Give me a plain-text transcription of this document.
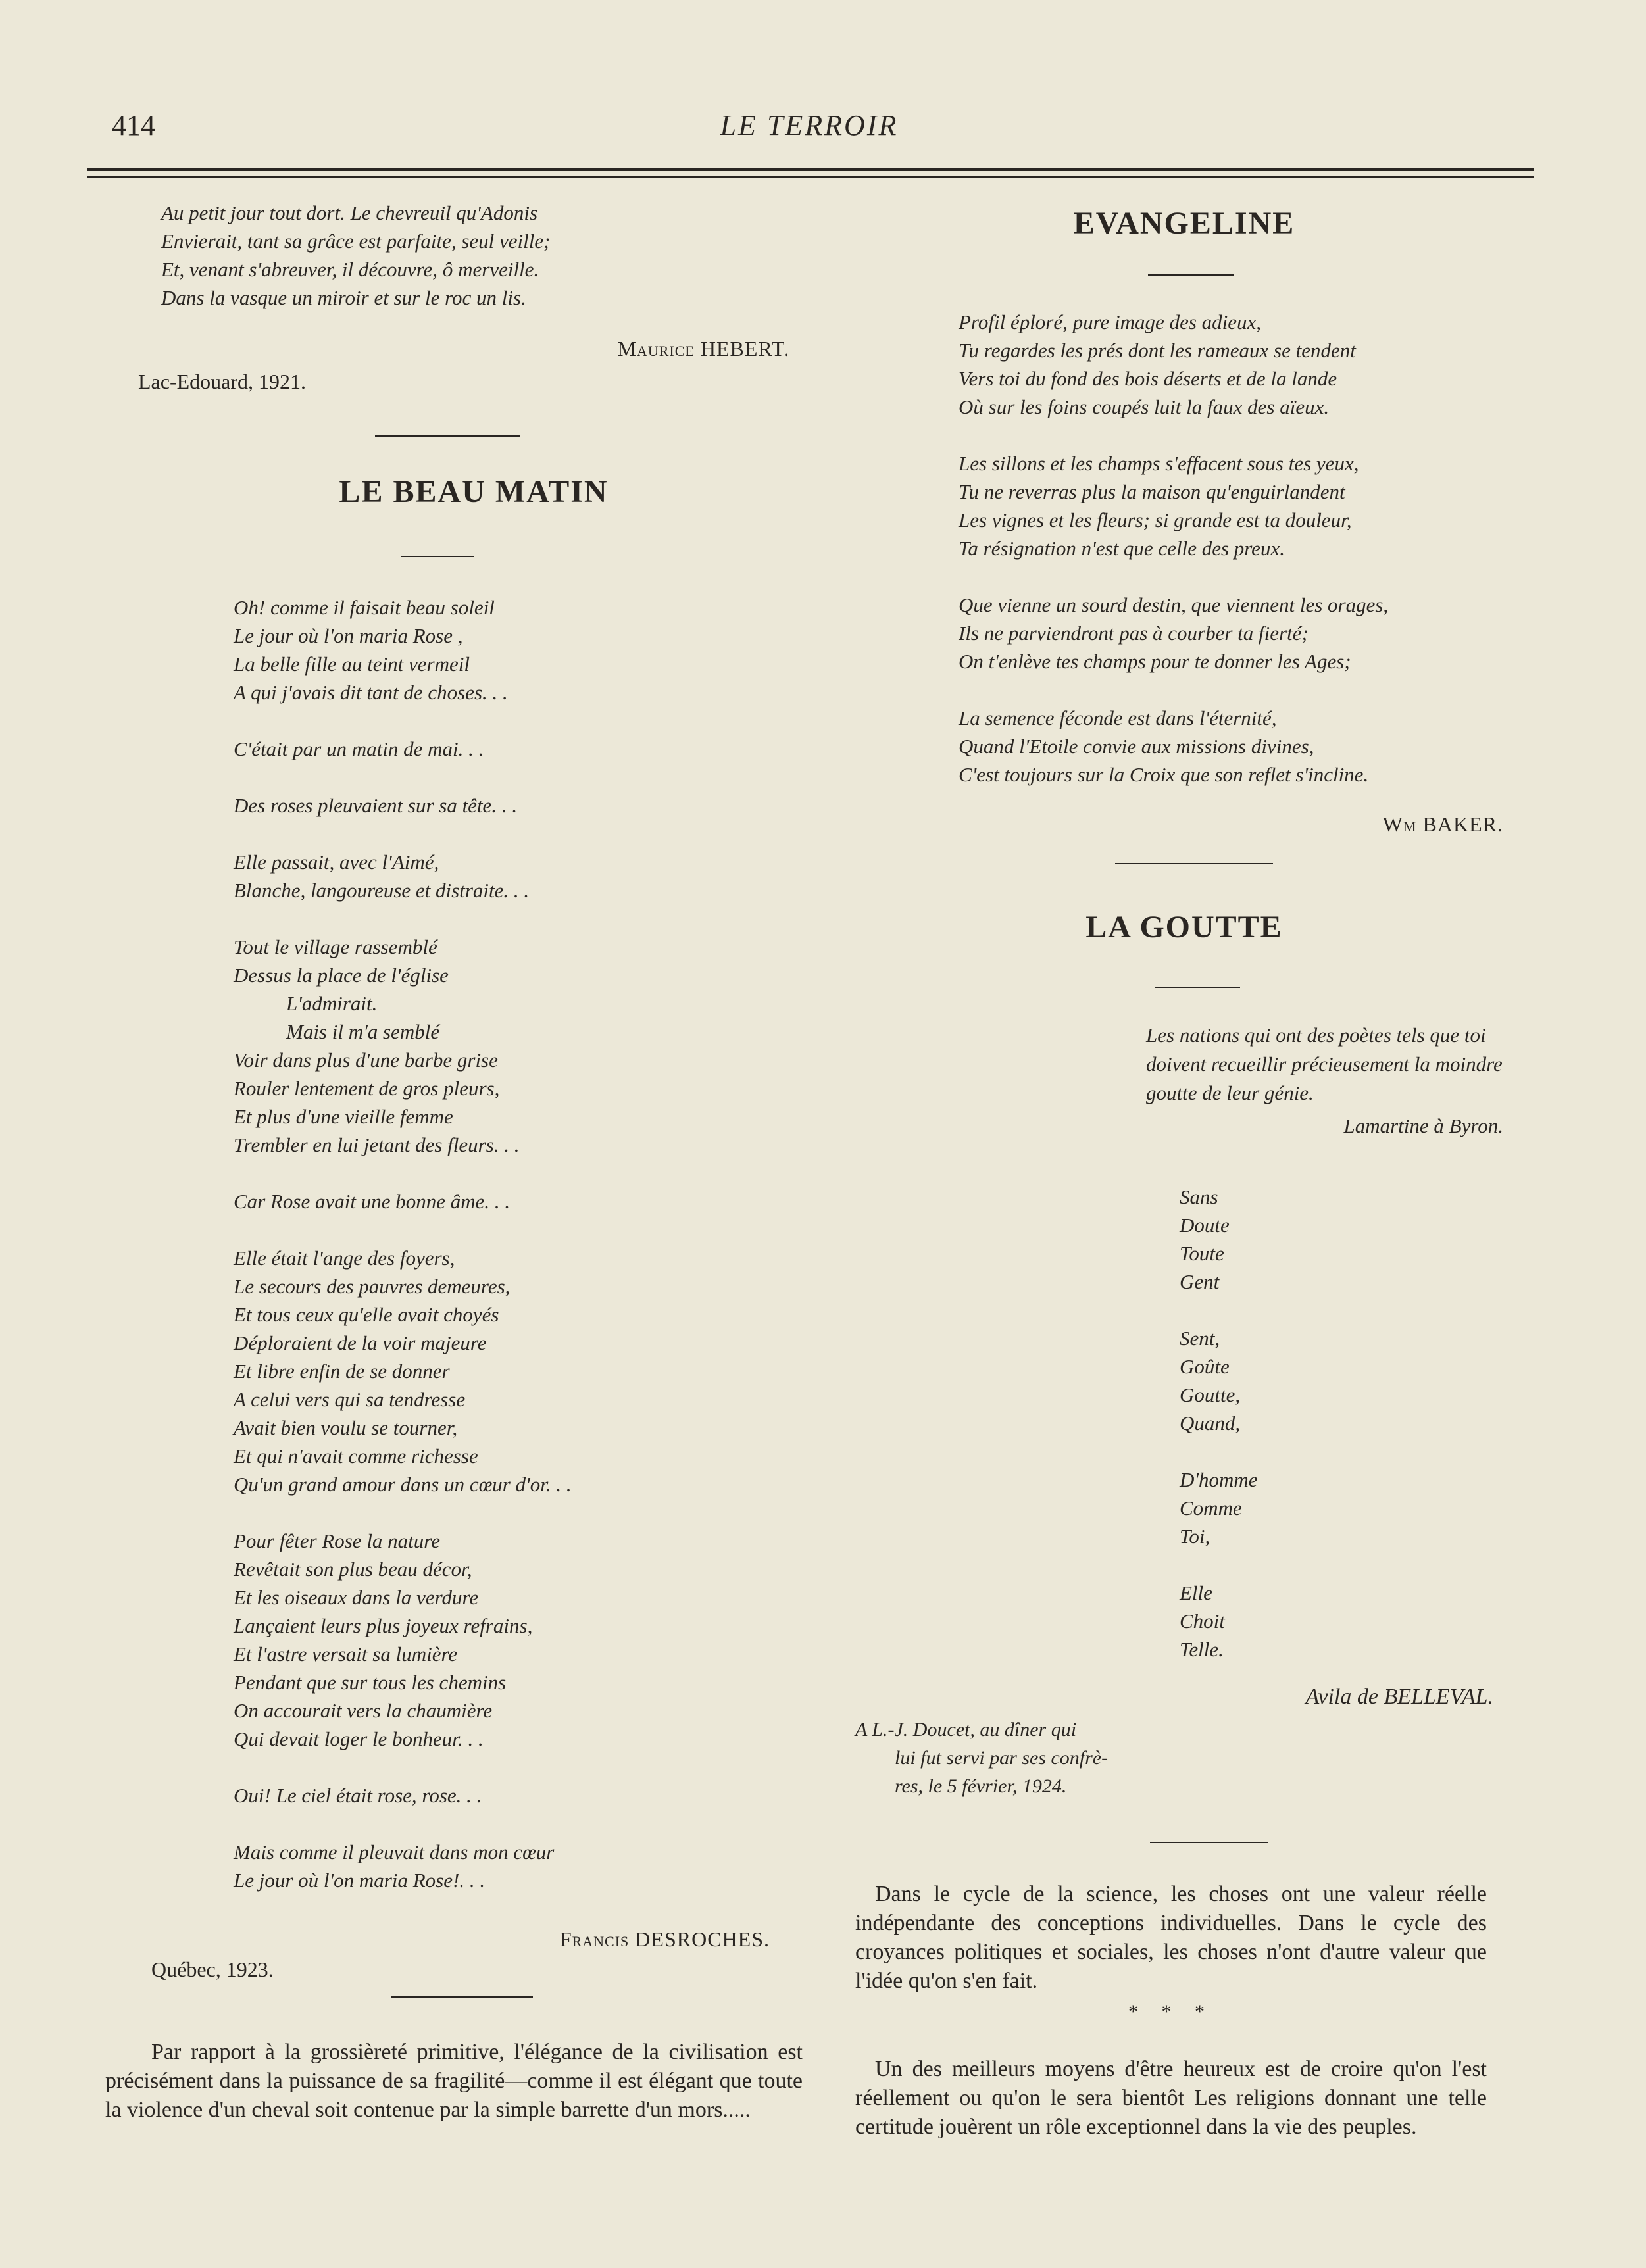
414	LE TERROIR
Au petit jour tout dort. Le chevreuil qu'Adonis
Envierait, tant sa grâce est parfaite, seul veille;
Et, venant s'abreuver, il découvre, ô merveille.
Dans la vasque un miroir et sur le roc un lis.
Maurice HEBERT.
Lac-Edouard, 1921.
LE BEAU MATIN
Oh! comme il faisait beau soleil
Le jour où l'on maria Rose ,
La belle fille au teint vermeil
A qui j'avais dit tant de choses. . .
C'était par un matin de mai. . .
Des roses pleuvaient sur sa tête. . .
Elle passait, avec l'Aimé,
Blanche, langoureuse et distraite. . .
Tout le village rassemblé
Dessus la place de l'église
L'admirait.
Mais il m'a semblé
Voir dans plus d'une barbe grise
Rouler lentement de gros pleurs,
Et plus d'une vieille femme
Trembler en lui jetant des fleurs. . .
Car Rose avait une bonne âme. . .
Elle était l'ange des foyers,
Le secours des pauvres demeures,
Et tous ceux qu'elle avait choyés
Déploraient de la voir majeure
Et libre enfin de se donner
A celui vers qui sa tendresse
Avait bien voulu se tourner,
Et qui n'avait comme richesse
Qu'un grand amour dans un cœur d'or. . .
Pour fêter Rose la nature
Revêtait son plus beau décor,
Et les oiseaux dans la verdure
Lançaient leurs plus joyeux refrains,
Et l'astre versait sa lumière
Pendant que sur tous les chemins
On accourait vers la chaumière
Qui devait loger le bonheur. . .
Oui! Le ciel était rose, rose. . .
Mais comme il pleuvait dans mon cœur
Le jour où l'on maria Rose!. . .
Francis DESROCHES.
Québec, 1923.

Par rapport à la grossièreté primitive, l'élégance de la civilisation est précisément dans la puissance de sa fragilité—comme il est élégant que toute la violence d'un cheval soit contenue par la simple barrette d'un mors.....

EVANGELINE
Profil éploré, pure image des adieux,
Tu regardes les prés dont les rameaux se tendent
Vers toi du fond des bois déserts et de la lande
Où sur les foins coupés luit la faux des aïeux.
Les sillons et les champs s'effacent sous tes yeux,
Tu ne reverras plus la maison qu'enguirlandent
Les vignes et les fleurs; si grande est ta douleur,
Ta résignation n'est que celle des preux.
Que vienne un sourd destin, que viennent les orages,
Ils ne parviendront pas à courber ta fierté;
On t'enlève tes champs pour te donner les Ages;
La semence féconde est dans l'éternité,
Quand l'Etoile convie aux missions divines,
C'est toujours sur la Croix que son reflet s'incline.
Wm BAKER.
LA GOUTTE
Les nations qui ont des poètes tels que toi doivent recueillir précieusement la moindre goutte de leur génie.
Lamartine à Byron.
Sans
Doute
Toute
Gent
Sent,
Goûte
Goutte,
Quand,
D'homme
Comme
Toi,
Elle
Choit
Telle.
Avila de BELLEVAL.
A L.-J. Doucet, au dîner qui
lui fut servi par ses confrè-
res, le 5 février, 1924.

Dans le cycle de la science, les choses ont une valeur réelle indépendante des conceptions individuelles. Dans le cycle des croyances politiques et sociales, les choses n'ont d'autre valeur que l'idée qu'on s'en fait.

* * *

Un des meilleurs moyens d'être heureux est de croire qu'on l'est réellement ou qu'on le sera bientôt Les religions donnant une telle certitude jouèrent un rôle exceptionnel dans la vie des peuples.
